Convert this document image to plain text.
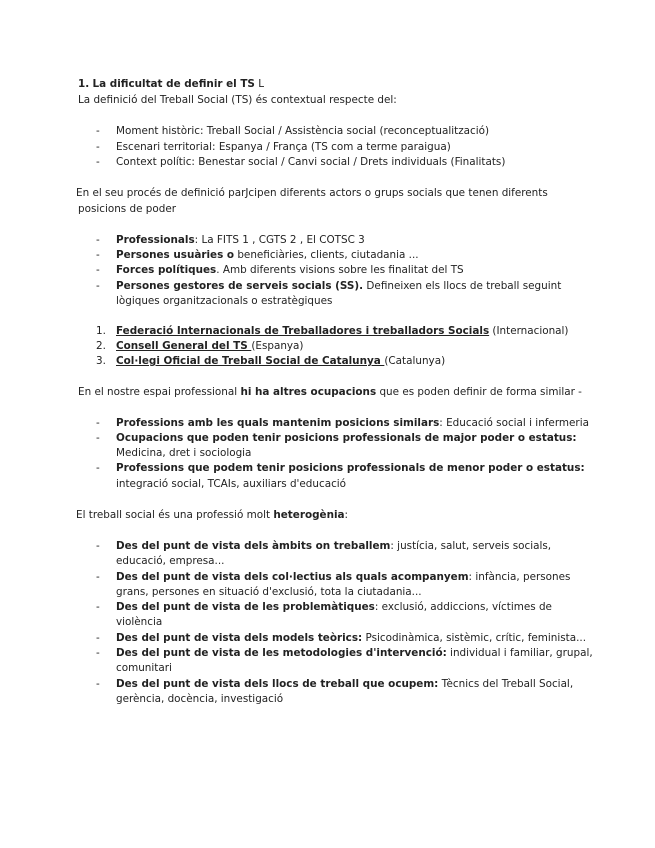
1. La dificultat de definir el TS L
La definició del Treball Social (TS) és contextual respecte del:
-	Moment històric: Treball Social / Assistència social (reconceptualització)
-	Escenari territorial: Espanya / França (TS com a terme paraigua)
-	Context polític: Benestar social / Canvi social / Drets individuals (Finalitats)
En el seu procés de definició parJcipen diferents actors o grups socials que tenen diferents
posicions de poder
-	Professionals: La FITS 1 , CGTS 2 , El COTSC 3
-	Persones usuàries o beneficiàries, clients, ciutadania ...
-	Forces polítiques. Amb diferents visions sobre les finalitat del TS
-	Persones gestores de serveis socials (SS). Defineixen els llocs de treball seguint
lògiques organitzacionals o estratègiques
1. Federació Internacionals de Treballadores i treballadors Socials (Internacional)
2. Consell General del TS (Espanya)
3. Col·legi Oficial de Treball Social de Catalunya (Catalunya)
En el nostre espai professional hi ha altres ocupacions que es poden definir de forma similar -
-	Professions amb les quals mantenim posicions similars: Educació social i infermeria
-	Ocupacions que poden tenir posicions professionals de major poder o estatus:
Medicina, dret i sociologia
-	Professions que podem tenir posicions professionals de menor poder o estatus:
integració social, TCAIs, auxiliars d'educació
El treball social és una professió molt heterogènia:
-	Des del punt de vista dels àmbits on treballem: justícia, salut, serveis socials,
educació, empresa...
-	Des del punt de vista dels col·lectius als quals acompanyem: infància, persones
grans, persones en situació d'exclusió, tota la ciutadania...
-	Des del punt de vista de les problemàtiques: exclusió, addiccions, víctimes de
violència
-	Des del punt de vista dels models teòrics: Psicodinàmica, sistèmic, crític, feminista...
-	Des del punt de vista de les metodologies d'intervenció: individual i familiar, grupal,
comunitari
-	Des del punt de vista dels llocs de treball que ocupem: Tècnics del Treball Social,
gerència, docència, investigació
